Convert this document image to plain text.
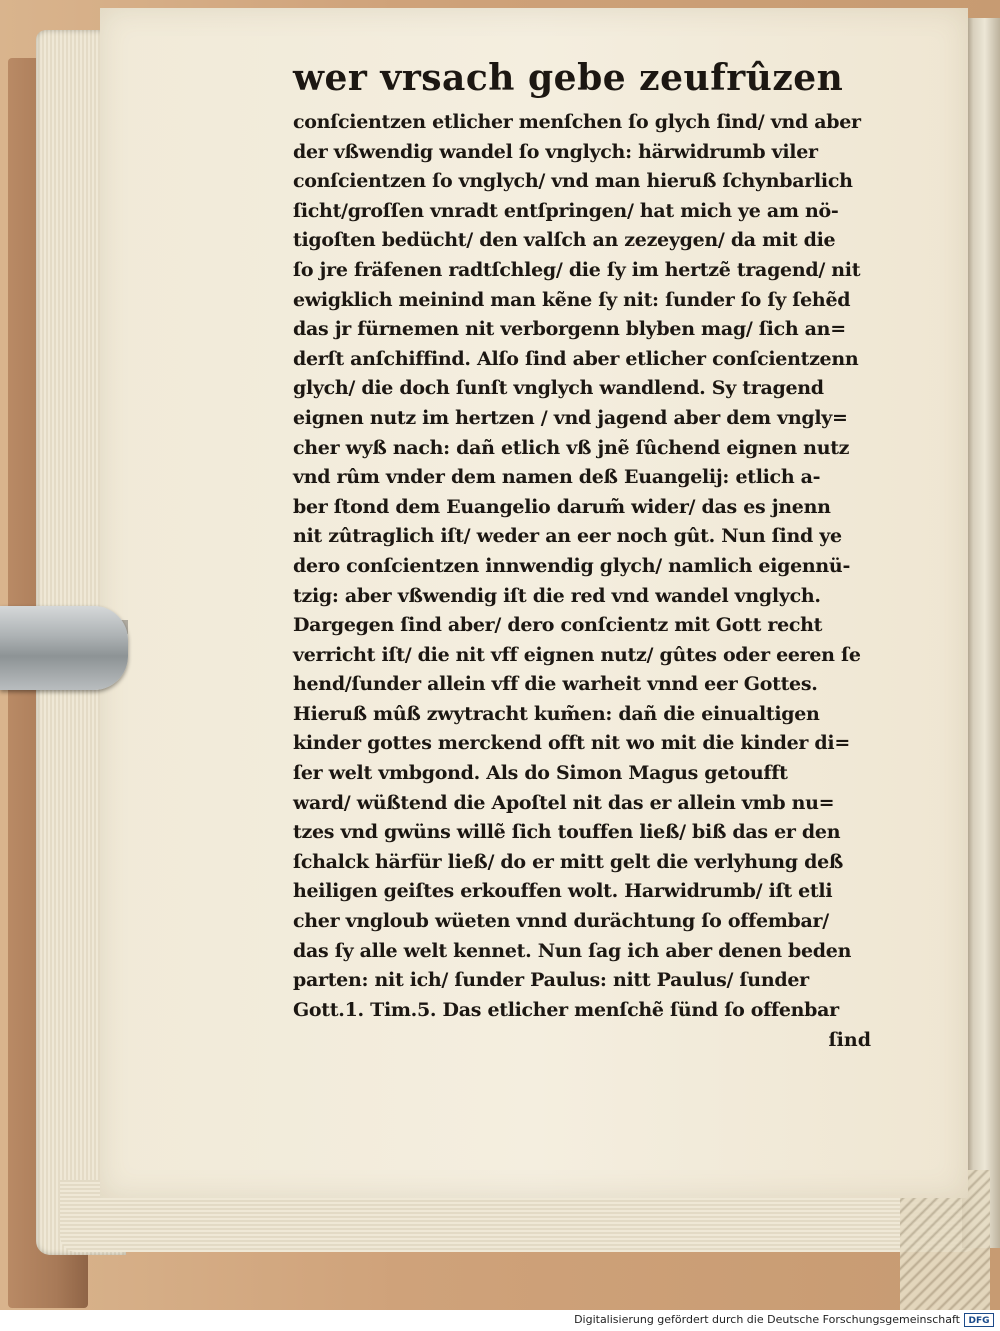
wer vrsach gebe zeufrûzen
conſcientzen etlicher menſchen ſo glych ſind/ vnd aber
der vßwendig wandel ſo vnglych: härwidrumb viler
conſcientzen ſo vnglych/ vnd man hieruß ſchynbarlich
ſicht/groſſen vnradt entſpringen/ hat mich ye am nö-
tigoſten bedücht/ den valſch an zezeygen/ da mit die
ſo jre fräfenen radtſchleg/ die ſy im hertzẽ tragend/ nit
ewigklich meinind man kẽne ſy nit: ſunder ſo ſy ſehẽd
das jr fürnemen nit verborgenn blyben mag/ ſich an=
derſt anſchiffind. Alſo ſind aber etlicher conſcientzenn
glych/ die doch ſunſt vnglych wandlend. Sy tragend
eignen nutz im hertzen / vnd jagend aber dem vngly=
cher wyß nach: dañ etlich vß jnẽ ſûchend eignen nutz
vnd rûm vnder dem namen deß Euangelij: etlich a-
ber ſtond dem Euangelio darum̃ wider/ das es jnenn
nit zûtraglich iſt/ weder an eer noch gût. Nun ſind ye
dero conſcientzen innwendig glych/ namlich eigennü-
tzig: aber vßwendig iſt die red vnd wandel vnglych.
Dargegen ſind aber/ dero conſcientz mit Gott recht
verricht iſt/ die nit vff eignen nutz/ gûtes oder eeren ſe
hend/ſunder allein vff die warheit vnnd eer Gottes.
Hieruß mûß zwytracht kum̃en: dañ die einualtigen
kinder gottes merckend offt nit wo mit die kinder di=
ſer welt vmbgond. Als do Simon Magus getoufft
ward/ wüßtend die Apoſtel nit das er allein vmb nu=
tzes vnd gwüns willẽ ſich touffen ließ/ biß das er den
ſchalck härfür ließ/ do er mitt gelt die verlyhung deß
heiligen geiſtes erkouffen wolt. Harwidrumb/ iſt etli
cher vngloub wüeten vnnd durächtung ſo offembar/
das ſy alle welt kennet. Nun ſag ich aber denen beden
parten: nit ich/ ſunder Paulus: nitt Paulus/ ſunder
Gott.1. Tim.5. Das etlicher menſchẽ ſünd ſo offenbar
ſind
Digitalisierung gefördert durch die Deutsche Forschungsgemeinschaft DFG
